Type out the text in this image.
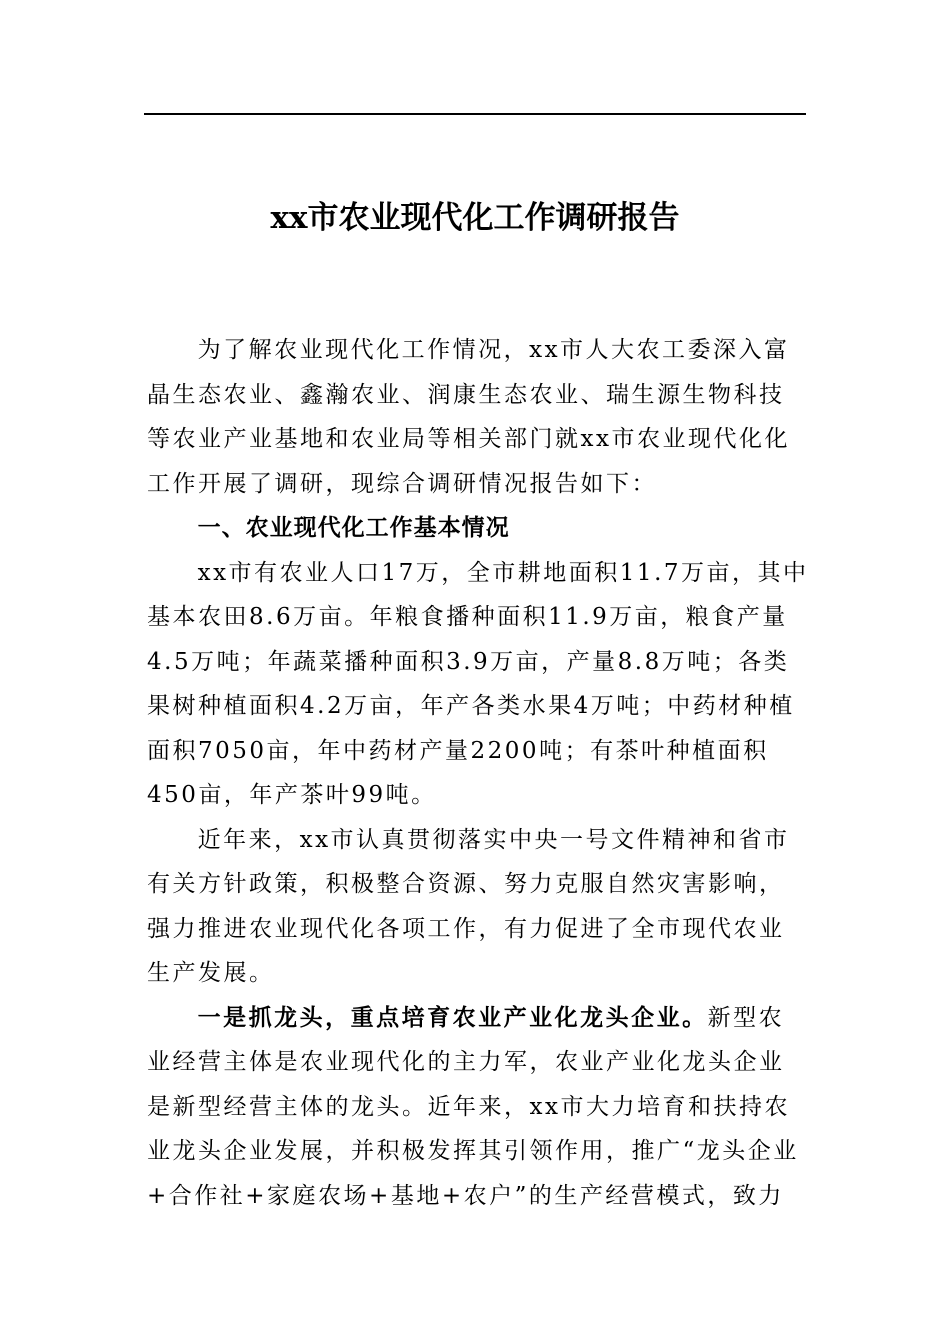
xx市农业现代化工作调研报告

为了解农业现代化工作情况，xx市人大农工委深入富晶生态农业、鑫瀚农业、润康生态农业、瑞生源生物科技等农业产业基地和农业局等相关部门就xx市农业现代化化工作开展了调研，现综合调研情况报告如下：

一、农业现代化工作基本情况

xx市有农业人口17万，全市耕地面积11.7万亩，其中基本农田8.6万亩。年粮食播种面积11.9万亩，粮食产量4.5万吨；年蔬菜播种面积3.9万亩，产量8.8万吨；各类果树种植面积4.2万亩，年产各类水果4万吨；中药材种植面积7050亩，年中药材产量2200吨；有茶叶种植面积450亩，年产茶叶99吨。

近年来，xx市认真贯彻落实中央一号文件精神和省市有关方针政策，积极整合资源、努力克服自然灾害影响，强力推进农业现代化各项工作，有力促进了全市现代农业生产发展。

一是抓龙头，重点培育农业产业化龙头企业。新型农业经营主体是农业现代化的主力军，农业产业化龙头企业是新型经营主体的龙头。近年来，xx市大力培育和扶持农业龙头企业发展，并积极发挥其引领作用，推广“龙头企业+合作社+家庭农场+基地+农户”的生产经营模式，致力
